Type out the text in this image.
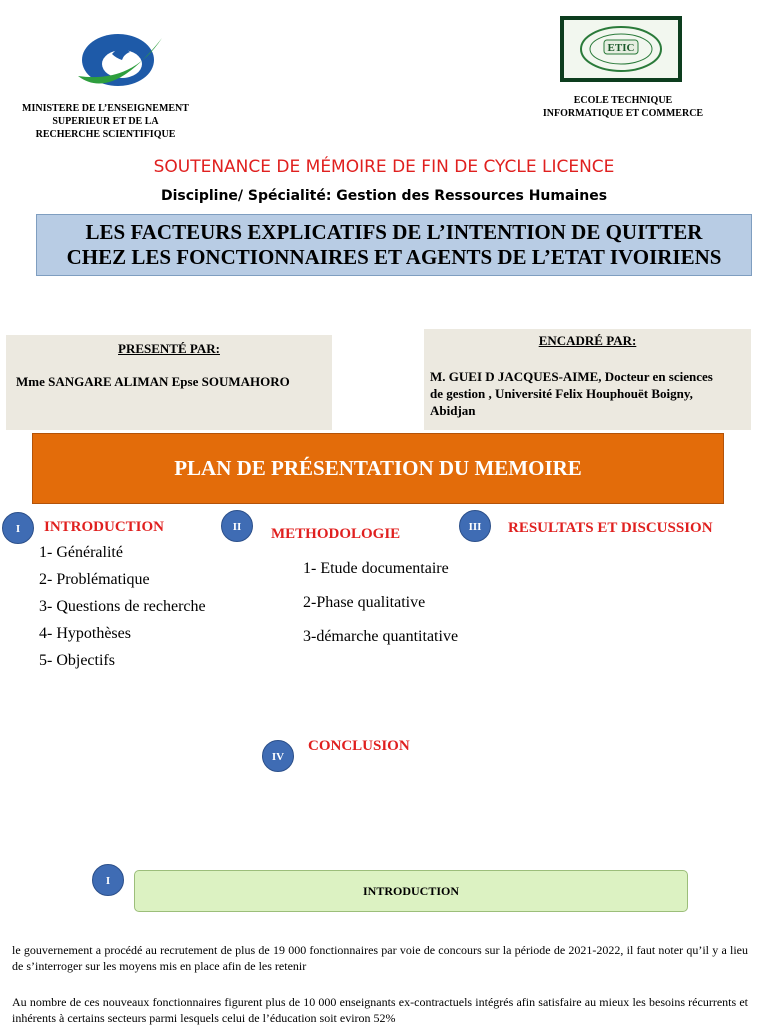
MINISTERE DE L’ENSEIGNEMENT
SUPERIEUR ET DE LA
RECHERCHE SCIENTIFIQUE
ETIC
ECOLE TECHNIQUE
INFORMATIQUE ET COMMERCE
SOUTENANCE DE MÉMOIRE DE FIN DE CYCLE LICENCE
Discipline/ Spécialité: Gestion des Ressources Humaines
LES FACTEURS EXPLICATIFS DE L’INTENTION DE QUITTER
CHEZ LES FONCTIONNAIRES ET AGENTS DE L’ETAT IVOIRIENS
PRESENTÉ PAR:
Mme SANGARE ALIMAN Epse SOUMAHORO
ENCADRÉ PAR:
M. GUEI D JACQUES-AIME, Docteur en sciences
de gestion , Université Felix Houphouët Boigny,
Abidjan
PLAN DE PRÉSENTATION DU MEMOIRE
I	INTRODUCTION
1- Généralité
2- Problématique
3- Questions de recherche
4- Hypothèses
5- Objectifs
II	METHODOLOGIE
1- Etude documentaire
2-Phase qualitative
3-démarche quantitative
III	RESULTATS ET DISCUSSION
IV
CONCLUSION
I
INTRODUCTION
le gouvernement a procédé au recrutement de plus de 19 000 fonctionnaires par voie de concours sur la période de 2021-2022, il faut noter qu’il y a lieu de s’interroger sur les moyens mis en place afin de les retenir
Au nombre de ces nouveaux fonctionnaires figurent plus de 10 000 enseignants ex-contractuels intégrés afin satisfaire au mieux les besoins récurrents et inhérents à certains secteurs parmi lesquels celui de l’éducation soit eviron 52%
